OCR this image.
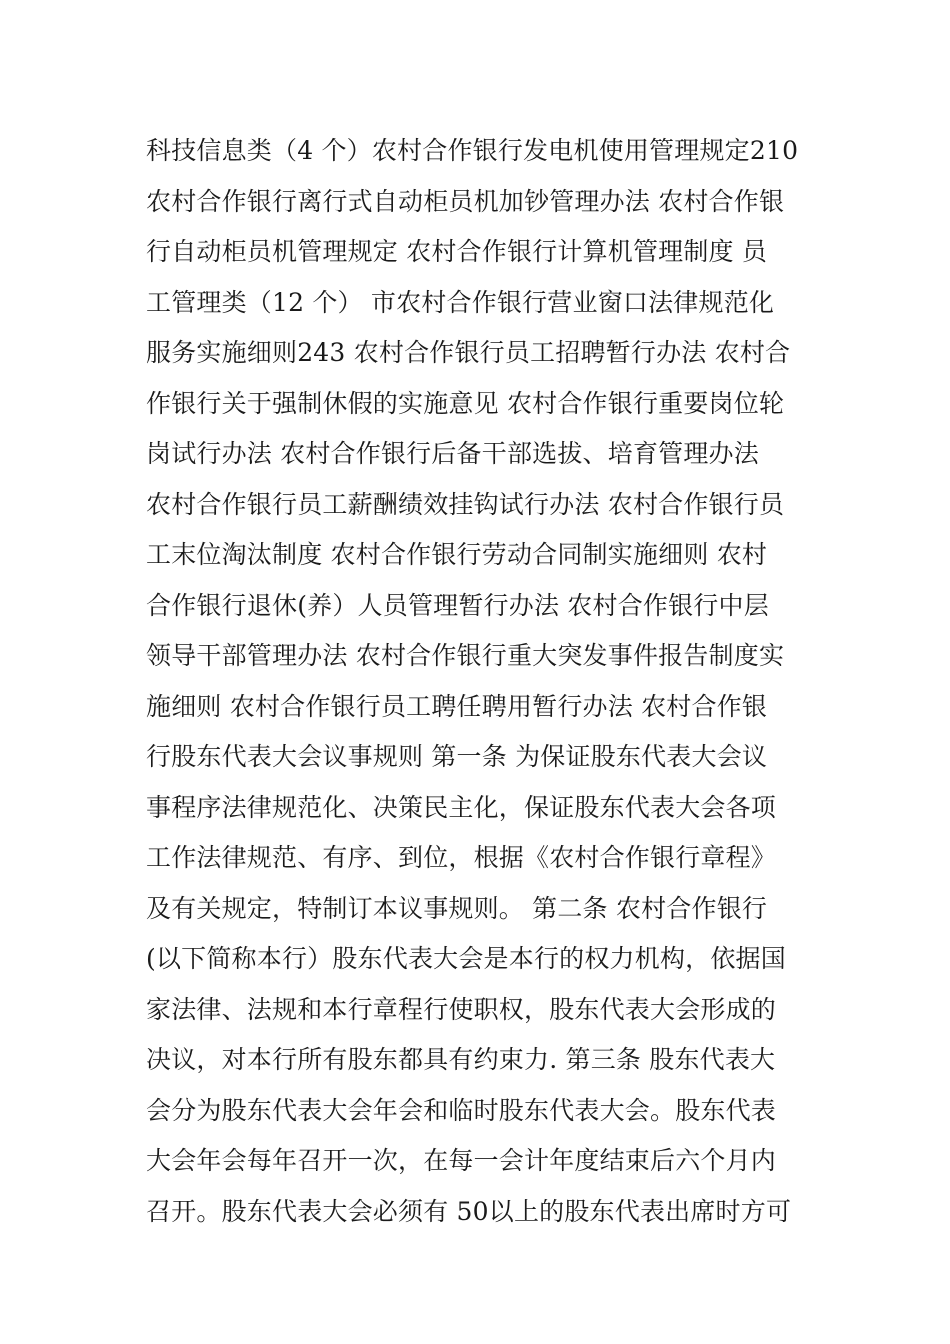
科技信息类（4 个）农村合作银行发电机使用管理规定210
农村合作银行离行式自动柜员机加钞管理办法 农村合作银
行自动柜员机管理规定 农村合作银行计算机管理制度 员
工管理类（12 个） 市农村合作银行营业窗口法律规范化
服务实施细则243 农村合作银行员工招聘暂行办法 农村合
作银行关于强制休假的实施意见 农村合作银行重要岗位轮
岗试行办法 农村合作银行后备干部选拔、培育管理办法
农村合作银行员工薪酬绩效挂钩试行办法 农村合作银行员
工末位淘汰制度 农村合作银行劳动合同制实施细则 农村
合作银行退休(养）人员管理暂行办法 农村合作银行中层
领导干部管理办法 农村合作银行重大突发事件报告制度实
施细则 农村合作银行员工聘任聘用暂行办法 农村合作银
行股东代表大会议事规则 第一条 为保证股东代表大会议
事程序法律规范化、决策民主化，保证股东代表大会各项
工作法律规范、有序、到位，根据《农村合作银行章程》
及有关规定，特制订本议事规则。 第二条 农村合作银行
(以下简称本行）股东代表大会是本行的权力机构，依据国
家法律、法规和本行章程行使职权，股东代表大会形成的
决议，对本行所有股东都具有约束力. 第三条 股东代表大
会分为股东代表大会年会和临时股东代表大会。股东代表
大会年会每年召开一次，在每一会计年度结束后六个月内
召开。股东代表大会必须有 50以上的股东代表出席时方可
